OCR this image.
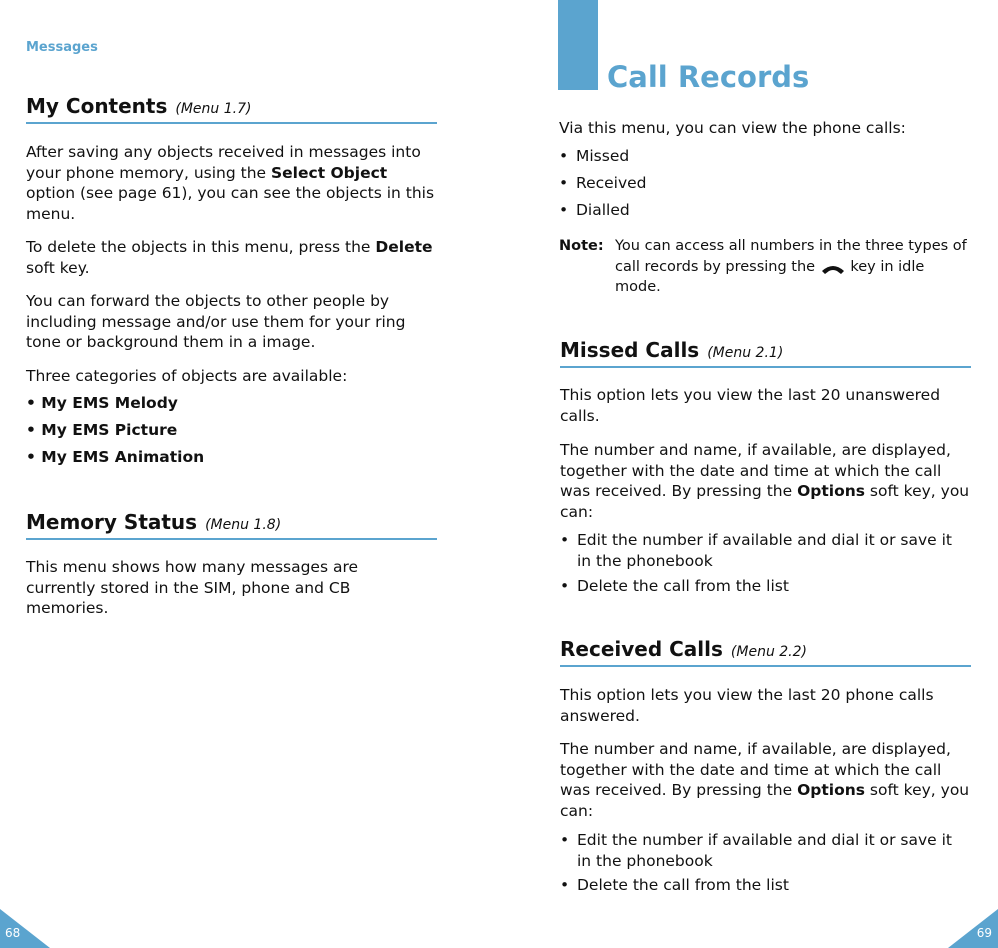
Messages
My Contents (Menu 1.7)

After saving any objects received in messages into your phone memory, using the Select Object option (see page 61), you can see the objects in this menu.

To delete the objects in this menu, press the Delete soft key.

You can forward the objects to other people by including message and/or use them for your ring tone or background them in a image.

Three categories of objects are available:

• My EMS Melody
• My EMS Picture
• My EMS Animation
Memory Status (Menu 1.8)

This menu shows how many messages are currently stored in the SIM, phone and CB memories.

68
Call Records

Via this menu, you can view the phone calls:

• Missed
• Received
• Dialled
Note: You can access all numbers in the three types of call records by pressing the key in idle mode.
Missed Calls (Menu 2.1)

This option lets you view the last 20 unanswered calls.

The number and name, if available, are displayed, together with the date and time at which the call was received. By pressing the Options soft key, you can:

• Edit the number if available and dial it or save it in the phonebook
• Delete the call from the list
Received Calls (Menu 2.2)

This option lets you view the last 20 phone calls answered.

The number and name, if available, are displayed, together with the date and time at which the call was received. By pressing the Options soft key, you can:

• Edit the number if available and dial it or save it in the phonebook
• Delete the call from the list
69
